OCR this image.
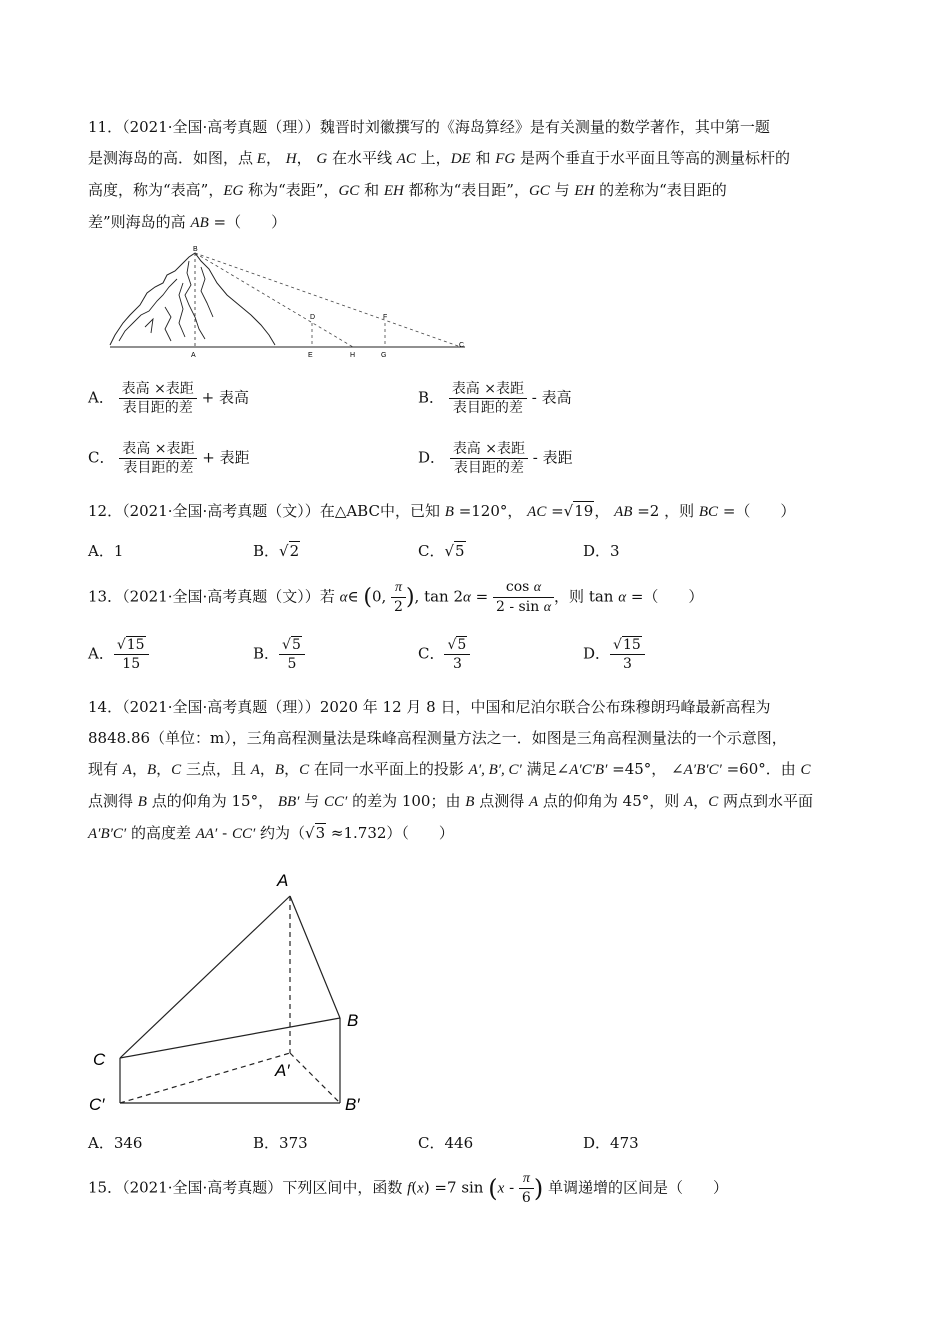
11．（2021·全国·高考真题（理））魏晋时刘徽撰写的《海岛算经》是有关测量的数学著作，其中第一题
是测海岛的高．如图，点 E， H， G 在水平线 AC 上，DE 和 FG 是两个垂直于水平面且等高的测量标杆的
高度，称为“表高”，EG 称为“表距”，GC 和 EH 都称为“表目距”，GC 与 EH 的差称为“表目距的
差”则海岛的高 AB =（　　）
B
A
D	F
E	H	G
C
A． $\frac{\text{表高 ×表距}}{\text{表目距的差}}$ + 表高	B． $\frac{\text{表高 ×表距}}{\text{表目距的差}}$ - 表高
C． $\frac{\text{表高 ×表距}}{\text{表目距的差}}$ + 表距	D． $\frac{\text{表高 ×表距}}{\text{表目距的差}}$ - 表距
12．（2021·全国·高考真题（文））在△ABC中，已知 B =120°， AC =√19， AB =2 ，则 BC =（　　）
A．1	B．√2	C．√5	D．3
13．（2021·全国·高考真题（文））若 α∈ (0, $\frac{\pi}{2}$ ), $\tan 2\alpha = \frac{\text{cos α}}{\text{2 - sin α}}$ ，则 tan α =（　　）
A． $\frac{√15}{15}$	B． $\frac{√5}{5}$	C． $\frac{√5}{3}$	D． $\frac{√15}{3}$
14．（2021·全国·高考真题（理））2020 年 12 月 8 日，中国和尼泊尔联合公布珠穆朗玛峰最新高程为
8848.86（单位：m），三角高程测量法是珠峰高程测量方法之一．如图是三角高程测量法的一个示意图，
现有 A，B，C 三点，且 A，B，C 在同一水平面上的投影 A′, B′, C′ 满足∠A′C′B′ =45°， ∠A′B′C′ =60°．由 C
点测得 B 点的仰角为 15°， BB′ 与 CC′ 的差为 100；由 B 点测得 A 点的仰角为 45°，则 A，C 两点到水平面
A′B′C′ 的高度差 AA′ - CC′ 约为（√3 ≈1.732）（　　）
A
B
C
A′
B′
C′
A．346	B．373	C．446	D．473
15．（2021·全国·高考真题）下列区间中，函数 f(x) =7 $\sin (x - \frac{\pi}{6}$ ) 单调递增的区间是（　　）
